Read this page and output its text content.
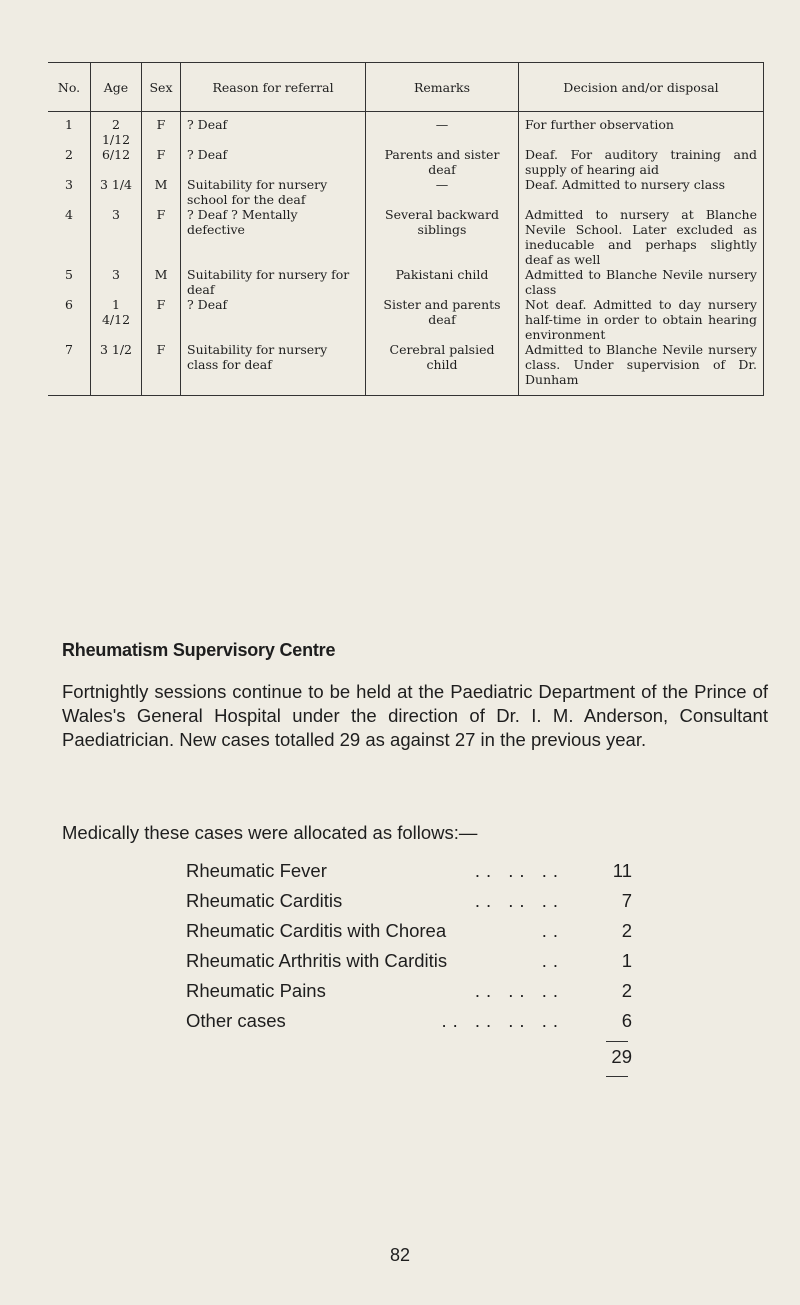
No.	Age	Sex	Reason for referral	Remarks	Decision and/or disposal
1	2 1/12	F	? Deaf	—	For further observation
2	6/12	F	? Deaf	Parents and sister deaf	Deaf. For auditory training and supply of hearing aid
3	3 1/4	M	Suitability for nursery school for the deaf	—	Deaf. Admitted to nursery class
4	3	F	? Deaf ? Mentally defective	Several backward siblings	Admitted to nursery at Blanche Nevile School. Later excluded as ineducable and perhaps slightly deaf as well
5	3	M	Suitability for nursery for deaf	Pakistani child	Admitted to Blanche Nevile nursery class
6	1 4/12	F	? Deaf	Sister and parents deaf	Not deaf. Admitted to day nursery half-time in order to obtain hearing environment
7	3 1/2	F	Suitability for nursery class for deaf	Cerebral palsied child	Admitted to Blanche Nevile nursery class. Under supervision of Dr. Dunham
Rheumatism Supervisory Centre
Fortnightly sessions continue to be held at the Paediatric Department of the Prince of Wales's General Hospital under the direction of Dr. I. M. Anderson, Consultant Paediatrician. New cases totalled 29 as against 27 in the previous year.
Medically these cases were allocated as follows:—
Rheumatic Fever	.. .. ..	11
Rheumatic Carditis	.. .. ..	7
Rheumatic Carditis with Chorea	..	2
Rheumatic Arthritis with Carditis	..	1
Rheumatic Pains	.. .. ..	2
Other cases	.. .. .. ..	6
29
82
